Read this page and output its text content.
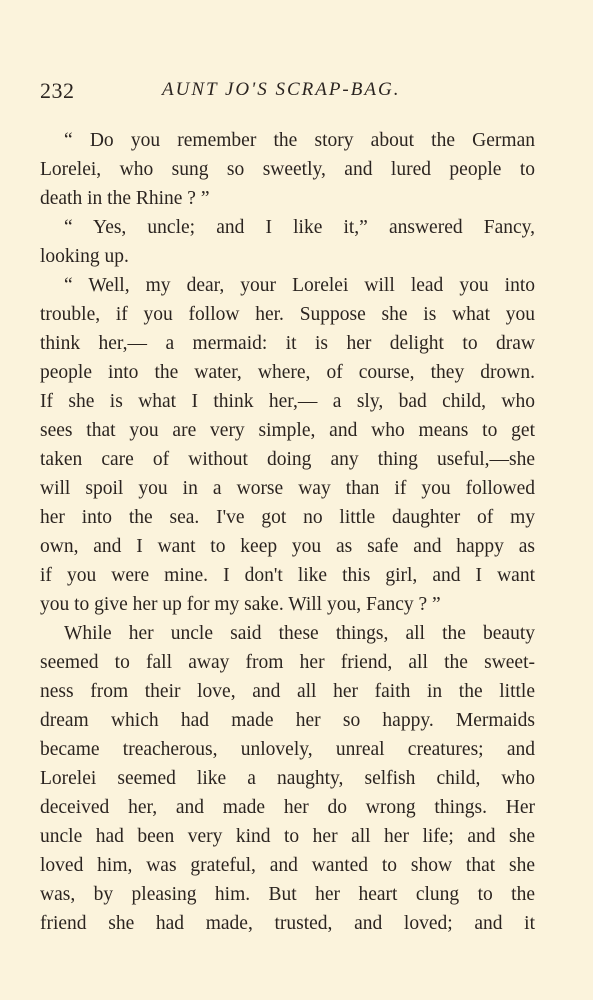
232	AUNT JO'S SCRAP-BAG.
“ Do you remember the story about the German
Lorelei, who sung so sweetly, and lured people to
death in the Rhine ? ”
“ Yes, uncle; and I like it,” answered Fancy,
looking up.
“ Well, my dear, your Lorelei will lead you into
trouble, if you follow her. Suppose she is what you
think her,— a mermaid: it is her delight to draw
people into the water, where, of course, they drown.
If she is what I think her,— a sly, bad child, who
sees that you are very simple, and who means to get
taken care of without doing any thing useful,—she
will spoil you in a worse way than if you followed
her into the sea. I've got no little daughter of my
own, and I want to keep you as safe and happy as
if you were mine. I don't like this girl, and I want
you to give her up for my sake. Will you, Fancy ? ”
While her uncle said these things, all the beauty
seemed to fall away from her friend, all the sweet-
ness from their love, and all her faith in the little
dream which had made her so happy. Mermaids
became treacherous, unlovely, unreal creatures; and
Lorelei seemed like a naughty, selfish child, who
deceived her, and made her do wrong things. Her
uncle had been very kind to her all her life; and she
loved him, was grateful, and wanted to show that she
was, by pleasing him. But her heart clung to the
friend she had made, trusted, and loved; and it
